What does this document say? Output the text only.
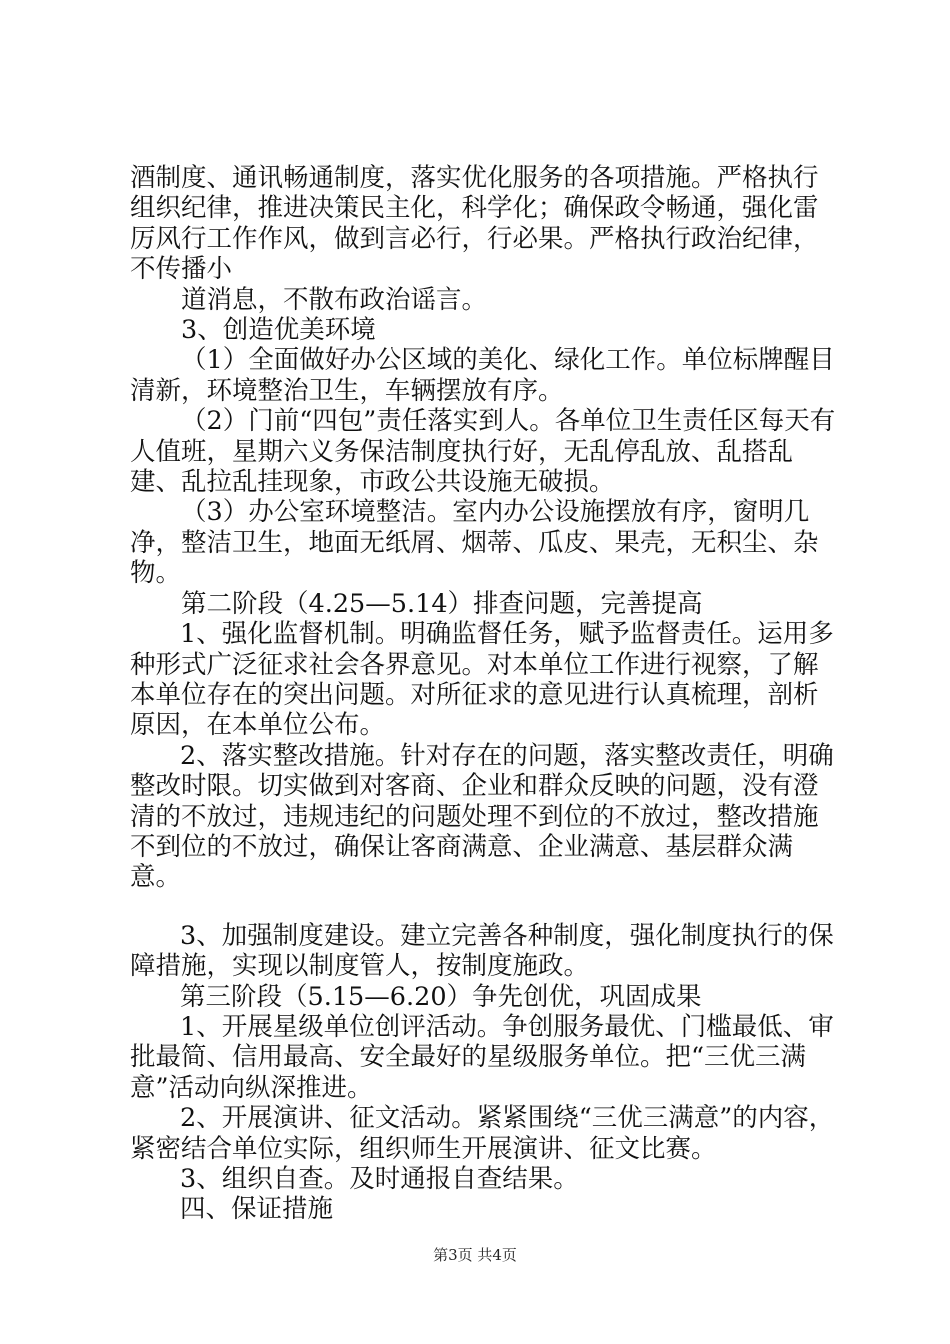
酒制度、通讯畅通制度，落实优化服务的各项措施。严格执行组织纪律，推进决策民主化，科学化；确保政令畅通，强化雷厉风行工作作风，做到言必行，行必果。严格执行政治纪律，不传播小

道消息，不散布政治谣言。

3、创造优美环境

（1）全面做好办公区域的美化、绿化工作。单位标牌醒目清新，环境整治卫生，车辆摆放有序。

（2）门前“四包”责任落实到人。各单位卫生责任区每天有人值班，星期六义务保洁制度执行好，无乱停乱放、乱搭乱建、乱拉乱挂现象，市政公共设施无破损。

（3）办公室环境整洁。室内办公设施摆放有序，窗明几净，整洁卫生，地面无纸屑、烟蒂、瓜皮、果壳，无积尘、杂物。

第二阶段（4.25—5.14）排查问题，完善提高

1、强化监督机制。明确监督任务，赋予监督责任。运用多种形式广泛征求社会各界意见。对本单位工作进行视察，了解本单位存在的突出问题。对所征求的意见进行认真梳理，剖析原因，在本单位公布。

2、落实整改措施。针对存在的问题，落实整改责任，明确整改时限。切实做到对客商、企业和群众反映的问题，没有澄清的不放过，违规违纪的问题处理不到位的不放过，整改措施不到位的不放过，确保让客商满意、企业满意、基层群众满意。

3、加强制度建设。建立完善各种制度，强化制度执行的保障措施，实现以制度管人，按制度施政。

第三阶段（5.15—6.20）争先创优，巩固成果

1、开展星级单位创评活动。争创服务最优、门槛最低、审批最简、信用最高、安全最好的星级服务单位。把“三优三满意”活动向纵深推进。

2、开展演讲、征文活动。紧紧围绕“三优三满意”的内容，紧密结合单位实际，组织师生开展演讲、征文比赛。

3、组织自查。及时通报自查结果。

四、保证措施

第3页 共4页
